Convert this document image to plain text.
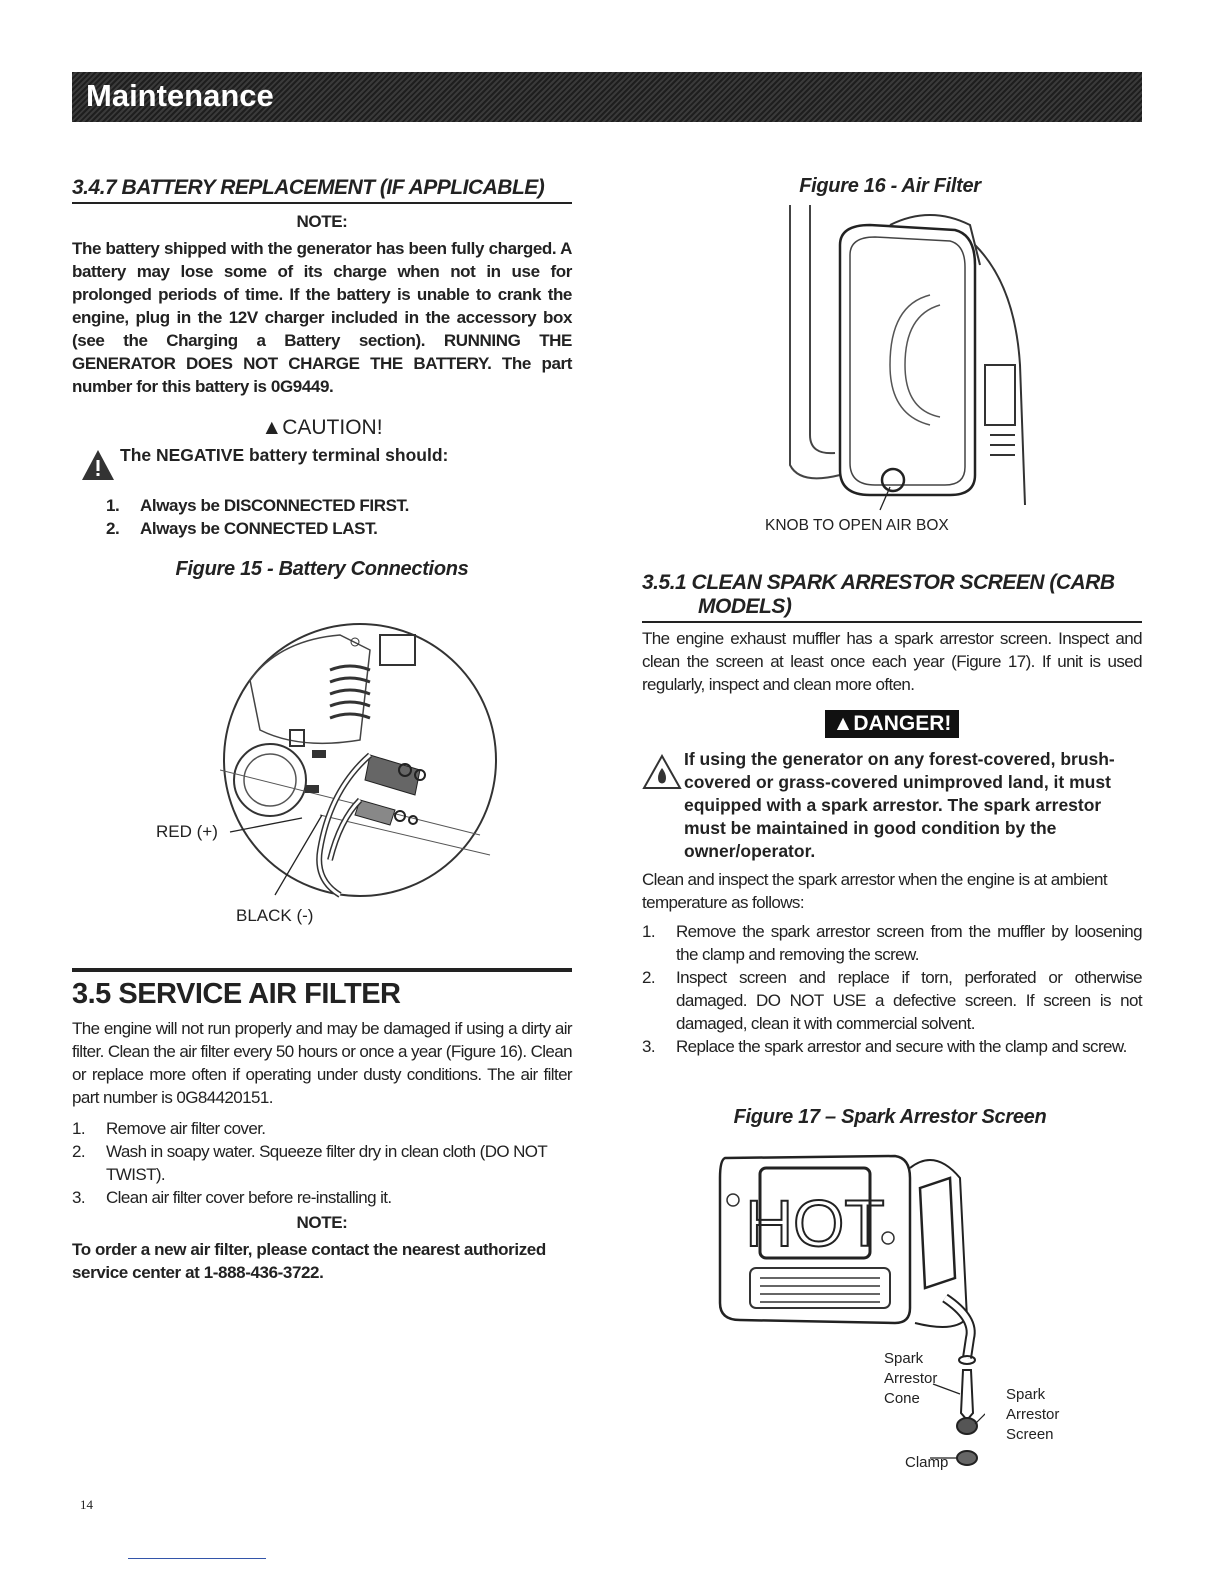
Maintenance
3.4.7 BATTERY REPLACEMENT (IF APPLICABLE)
NOTE:
The battery shipped with the generator has been fully charged. A battery may lose some of its charge when not in use for prolonged periods of time. If the battery is unable to crank the engine, plug in the 12V charger included in the accessory box (see the Charging a Battery section). RUNNING THE GENERATOR DOES NOT CHARGE THE BATTERY. The part number for this battery is 0G9449.
▲CAUTION!
The NEGATIVE battery terminal should:
1.	Always be DISCONNECTED FIRST.
2.	Always be CONNECTED LAST.
Figure 15 - Battery Connections
RED (+)
BLACK (-)
3.5 SERVICE AIR FILTER
The engine will not run properly and may be damaged if using a dirty air filter. Clean the air filter every 50 hours or once a year (Figure 16). Clean or replace more often if operating under dusty conditions. The air filter part number is 0G84420151.
1.	Remove air filter cover.
2.	Wash in soapy water. Squeeze filter dry in clean cloth (DO NOT TWIST).
3.	Clean air filter cover before re-installing it.
NOTE:
To order a new air filter, please contact the nearest authorized service center at 1-888-436-3722.
Figure 16 - Air Filter
KNOB TO OPEN AIR BOX
3.5.1 CLEAN SPARK ARRESTOR SCREEN (CARB
MODELS)
The engine exhaust muffler has a spark arrestor screen. Inspect and clean the screen at least once each year (Figure 17). If unit is used regularly, inspect and clean more often.
▲DANGER!
If using the generator on any forest-covered, brush-covered or grass-covered unimproved land, it must equipped with a spark arrestor. The spark arrestor must be maintained in good condition by the owner/operator.
Clean and inspect the spark arrestor when the engine is at ambient temperature as follows:
1.	Remove the spark arrestor screen from the muffler by loosening the clamp and removing the screw.
2.	Inspect screen and replace if torn, perforated or otherwise damaged. DO NOT USE a defective screen. If screen is not damaged, clean it with commercial solvent.
3.	Replace the spark arrestor and secure with the clamp and screw.
Figure 17 – Spark Arrestor Screen
HOT
Spark
Arrestor
Cone	Spark
Arrestor
Screen
Clamp
14
